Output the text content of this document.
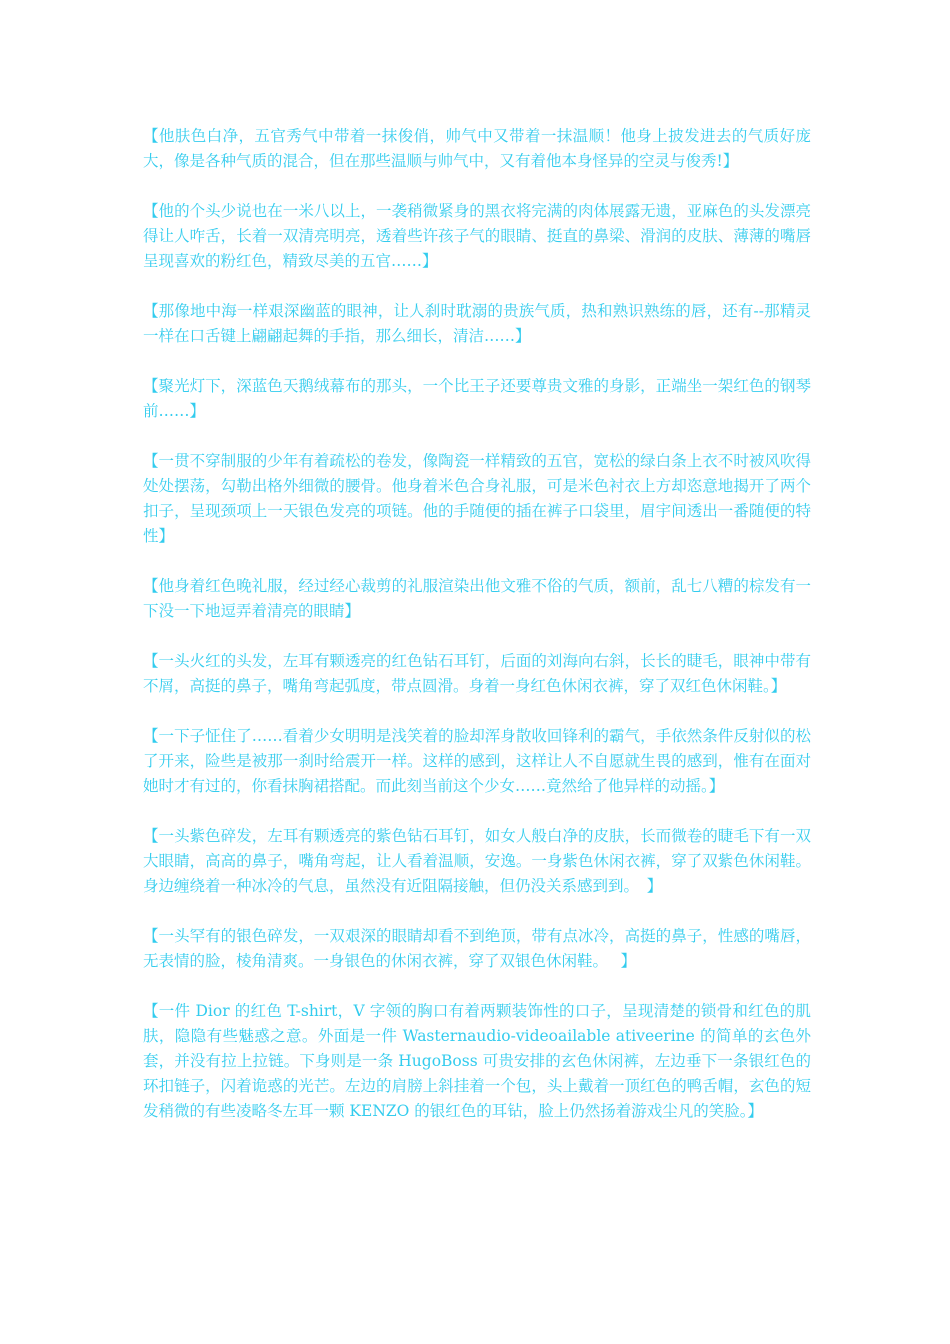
【他肤色白净，五官秀气中带着一抹俊俏，帅气中又带着一抹温顺！他身上披发进去的气质好庞大，像是各种气质的混合，但在那些温顺与帅气中，又有着他本身怪异的空灵与俊秀!】

【他的个头少说也在一米八以上，一袭稍微紧身的黑衣将完满的肉体展露无遗，亚麻色的头发漂亮得让人咋舌，长着一双清亮明亮，透着些许孩子气的眼睛、挺直的鼻梁、滑润的皮肤、薄薄的嘴唇呈现喜欢的粉红色，精致尽美的五官……】

【那像地中海一样艰深幽蓝的眼神，让人刹时耽溺的贵族气质，热和熟识熟练的唇，还有--那精灵一样在口舌键上翩翩起舞的手指，那么细长，清洁……】

【聚光灯下，深蓝色天鹅绒幕布的那头，一个比王子还要尊贵文雅的身影，正端坐一架红色的钢琴前……】

【一贯不穿制服的少年有着疏松的卷发，像陶瓷一样精致的五官，宽松的绿白条上衣不时被风吹得处处摆荡，勾勒出格外细微的腰骨。他身着米色合身礼服，可是米色衬衣上方却恣意地揭开了两个扣子，呈现颈项上一天银色发亮的项链。他的手随便的插在裤子口袋里，眉宇间透出一番随便的特性】

【他身着红色晚礼服，经过经心裁剪的礼服渲染出他文雅不俗的气质，额前，乱七八糟的棕发有一下没一下地逗弄着清亮的眼睛】

【一头火红的头发，左耳有颗透亮的红色钻石耳钉，后面的刘海向右斜，长长的睫毛，眼神中带有不屑，高挺的鼻子，嘴角弯起弧度，带点圆滑。身着一身红色休闲衣裤，穿了双红色休闲鞋。】

【一下子怔住了……看着少女明明是浅笑着的脸却浑身散收回锋利的霸气，手依然条件反射似的松了开来，险些是被那一刹时给震开一样。这样的感到，这样让人不自愿就生畏的感到，惟有在面对她时才有过的，你看抹胸裙搭配。而此刻当前这个少女……竟然给了他异样的动摇。】

【一头紫色碎发，左耳有颗透亮的紫色钻石耳钉，如女人般白净的皮肤，长而微卷的睫毛下有一双大眼睛，高高的鼻子，嘴角弯起，让人看着温顺，安逸。一身紫色休闲衣裤，穿了双紫色休闲鞋。身边缠绕着一种冰冷的气息，虽然没有近阻隔接触，但仍没关系感到到。　】

【一头罕有的银色碎发，一双艰深的眼睛却看不到绝顶，带有点冰冷，高挺的鼻子，性感的嘴唇，无表情的脸，棱角清爽。一身银色的休闲衣裤，穿了双银色休闲鞋。　 】

【一件 Dior 的红色 T-shirt，V 字领的胸口有着两颗装饰性的口子，呈现清楚的锁骨和红色的肌肤，隐隐有些魅惑之意。外面是一件 Wasternaudio-videoailable ativeerine 的简单的玄色外套，并没有拉上拉链。下身则是一条 HugoBoss 可贵安排的玄色休闲裤，左边垂下一条银红色的环扣链子，闪着诡惑的光芒。左边的肩膀上斜挂着一个包，头上戴着一顶红色的鸭舌帽，玄色的短发稍微的有些凌略冬左耳一颗 KENZO 的银红色的耳钻，脸上仍然扬着游戏尘凡的笑脸。】
